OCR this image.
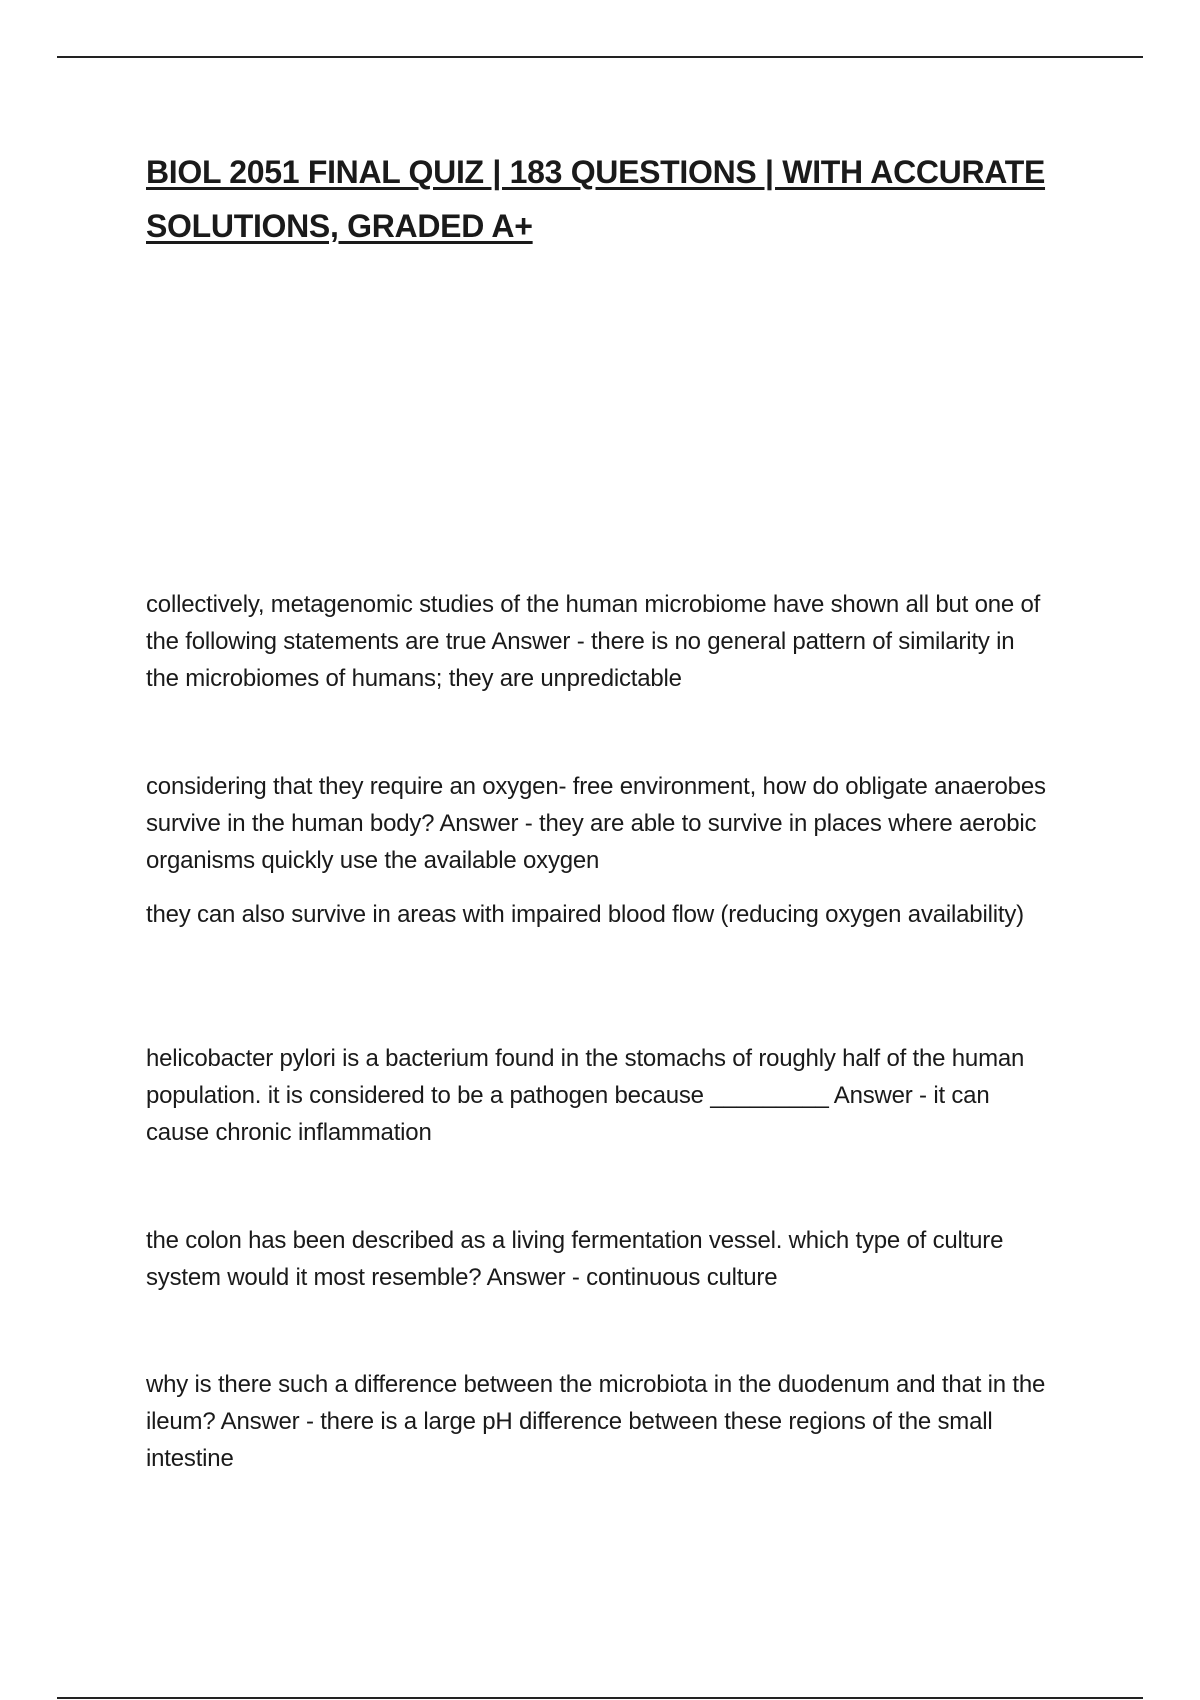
BIOL 2051 FINAL QUIZ | 183 QUESTIONS | WITH ACCURATE SOLUTIONS, GRADED A+

collectively, metagenomic studies of the human microbiome have shown all but one of the following statements are true Answer - there is no general pattern of similarity in the microbiomes of humans; they are unpredictable

considering that they require an oxygen- free environment, how do obligate anaerobes survive in the human body? Answer - they are able to survive in places where aerobic organisms quickly use the available oxygen

they can also survive in areas with impaired blood flow (reducing oxygen availability)

helicobacter pylori is a bacterium found in the stomachs of roughly half of the human population. it is considered to be a pathogen because _________ Answer - it can cause chronic inflammation

the colon has been described as a living fermentation vessel. which type of culture system would it most resemble? Answer - continuous culture

why is there such a difference between the microbiota in the duodenum and that in the ileum? Answer - there is a large pH difference between these regions of the small intestine
